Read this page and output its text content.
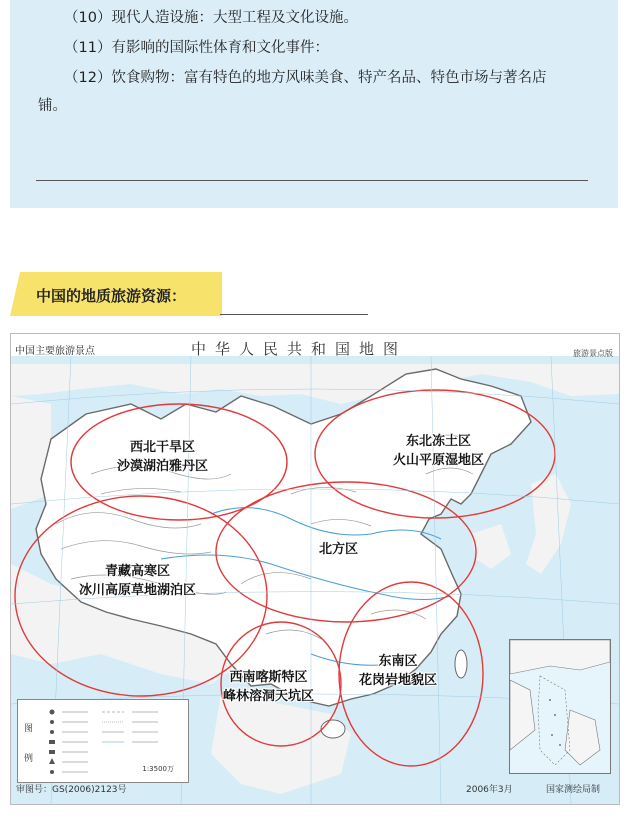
（10）现代人造设施：大型工程及文化设施。
（11）有影响的国际性体育和文化事件：
（12）饮食购物：富有特色的地方风味美食、特产名品、特色市场与著名店
铺。
中国的地质旅游资源：
中国主要旅游景点	中华人民共和国地图	旅游景点版
西北干旱区
沙漠湖泊雅丹区
东北冻土区
火山平原湿地区
北方区
青藏高寒区
冰川高原草地湖泊区
西南喀斯特区
峰林溶洞天坑区
东南区
花岗岩地貌区
图例
1:3500万
审图号：GS(2006)2123号	2006年3月	国家测绘局制
